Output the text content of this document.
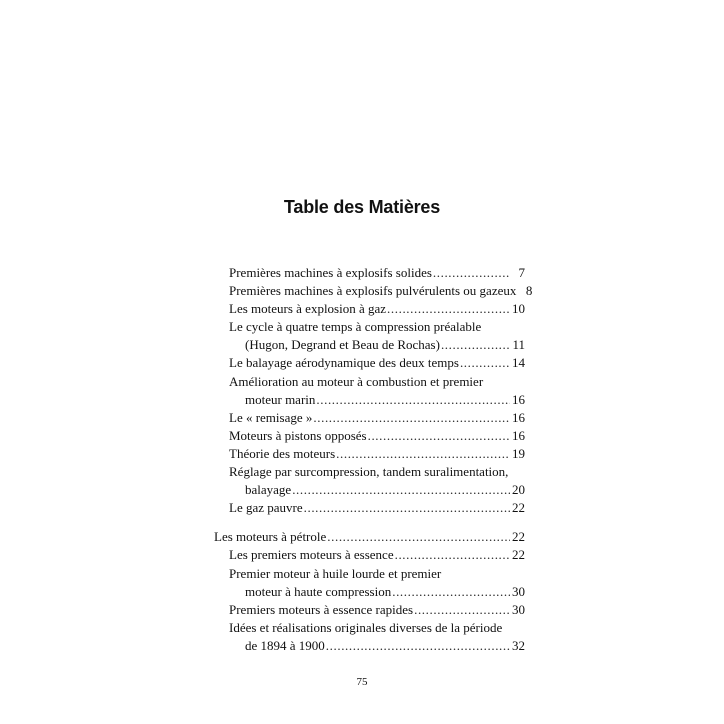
Table des Matières
Premières machines à explosifs solides .....	7
Premières machines à explosifs pulvérulents ou gazeux 8
Les moteurs à explosion à gaz .....	10
Le cycle à quatre temps à compression préalable
(Hugon, Degrand et Beau de Rochas) .....	11
Le balayage aérodynamique des deux temps .....	14
Amélioration au moteur à combustion et premier
moteur marin .....	16
Le « remisage » .....	16
Moteurs à pistons opposés .....	16
Théorie des moteurs .....	19
Réglage par surcompression, tandem suralimentation,
balayage .....	20
Le gaz pauvre .....	22
Les moteurs à pétrole .....	22
Les premiers moteurs à essence .....	22
Premier moteur à huile lourde et premier
moteur à haute compression .....	30
Premiers moteurs à essence rapides .....	30
Idées et réalisations originales diverses de la période
de 1894 à 1900 .....	32
75
